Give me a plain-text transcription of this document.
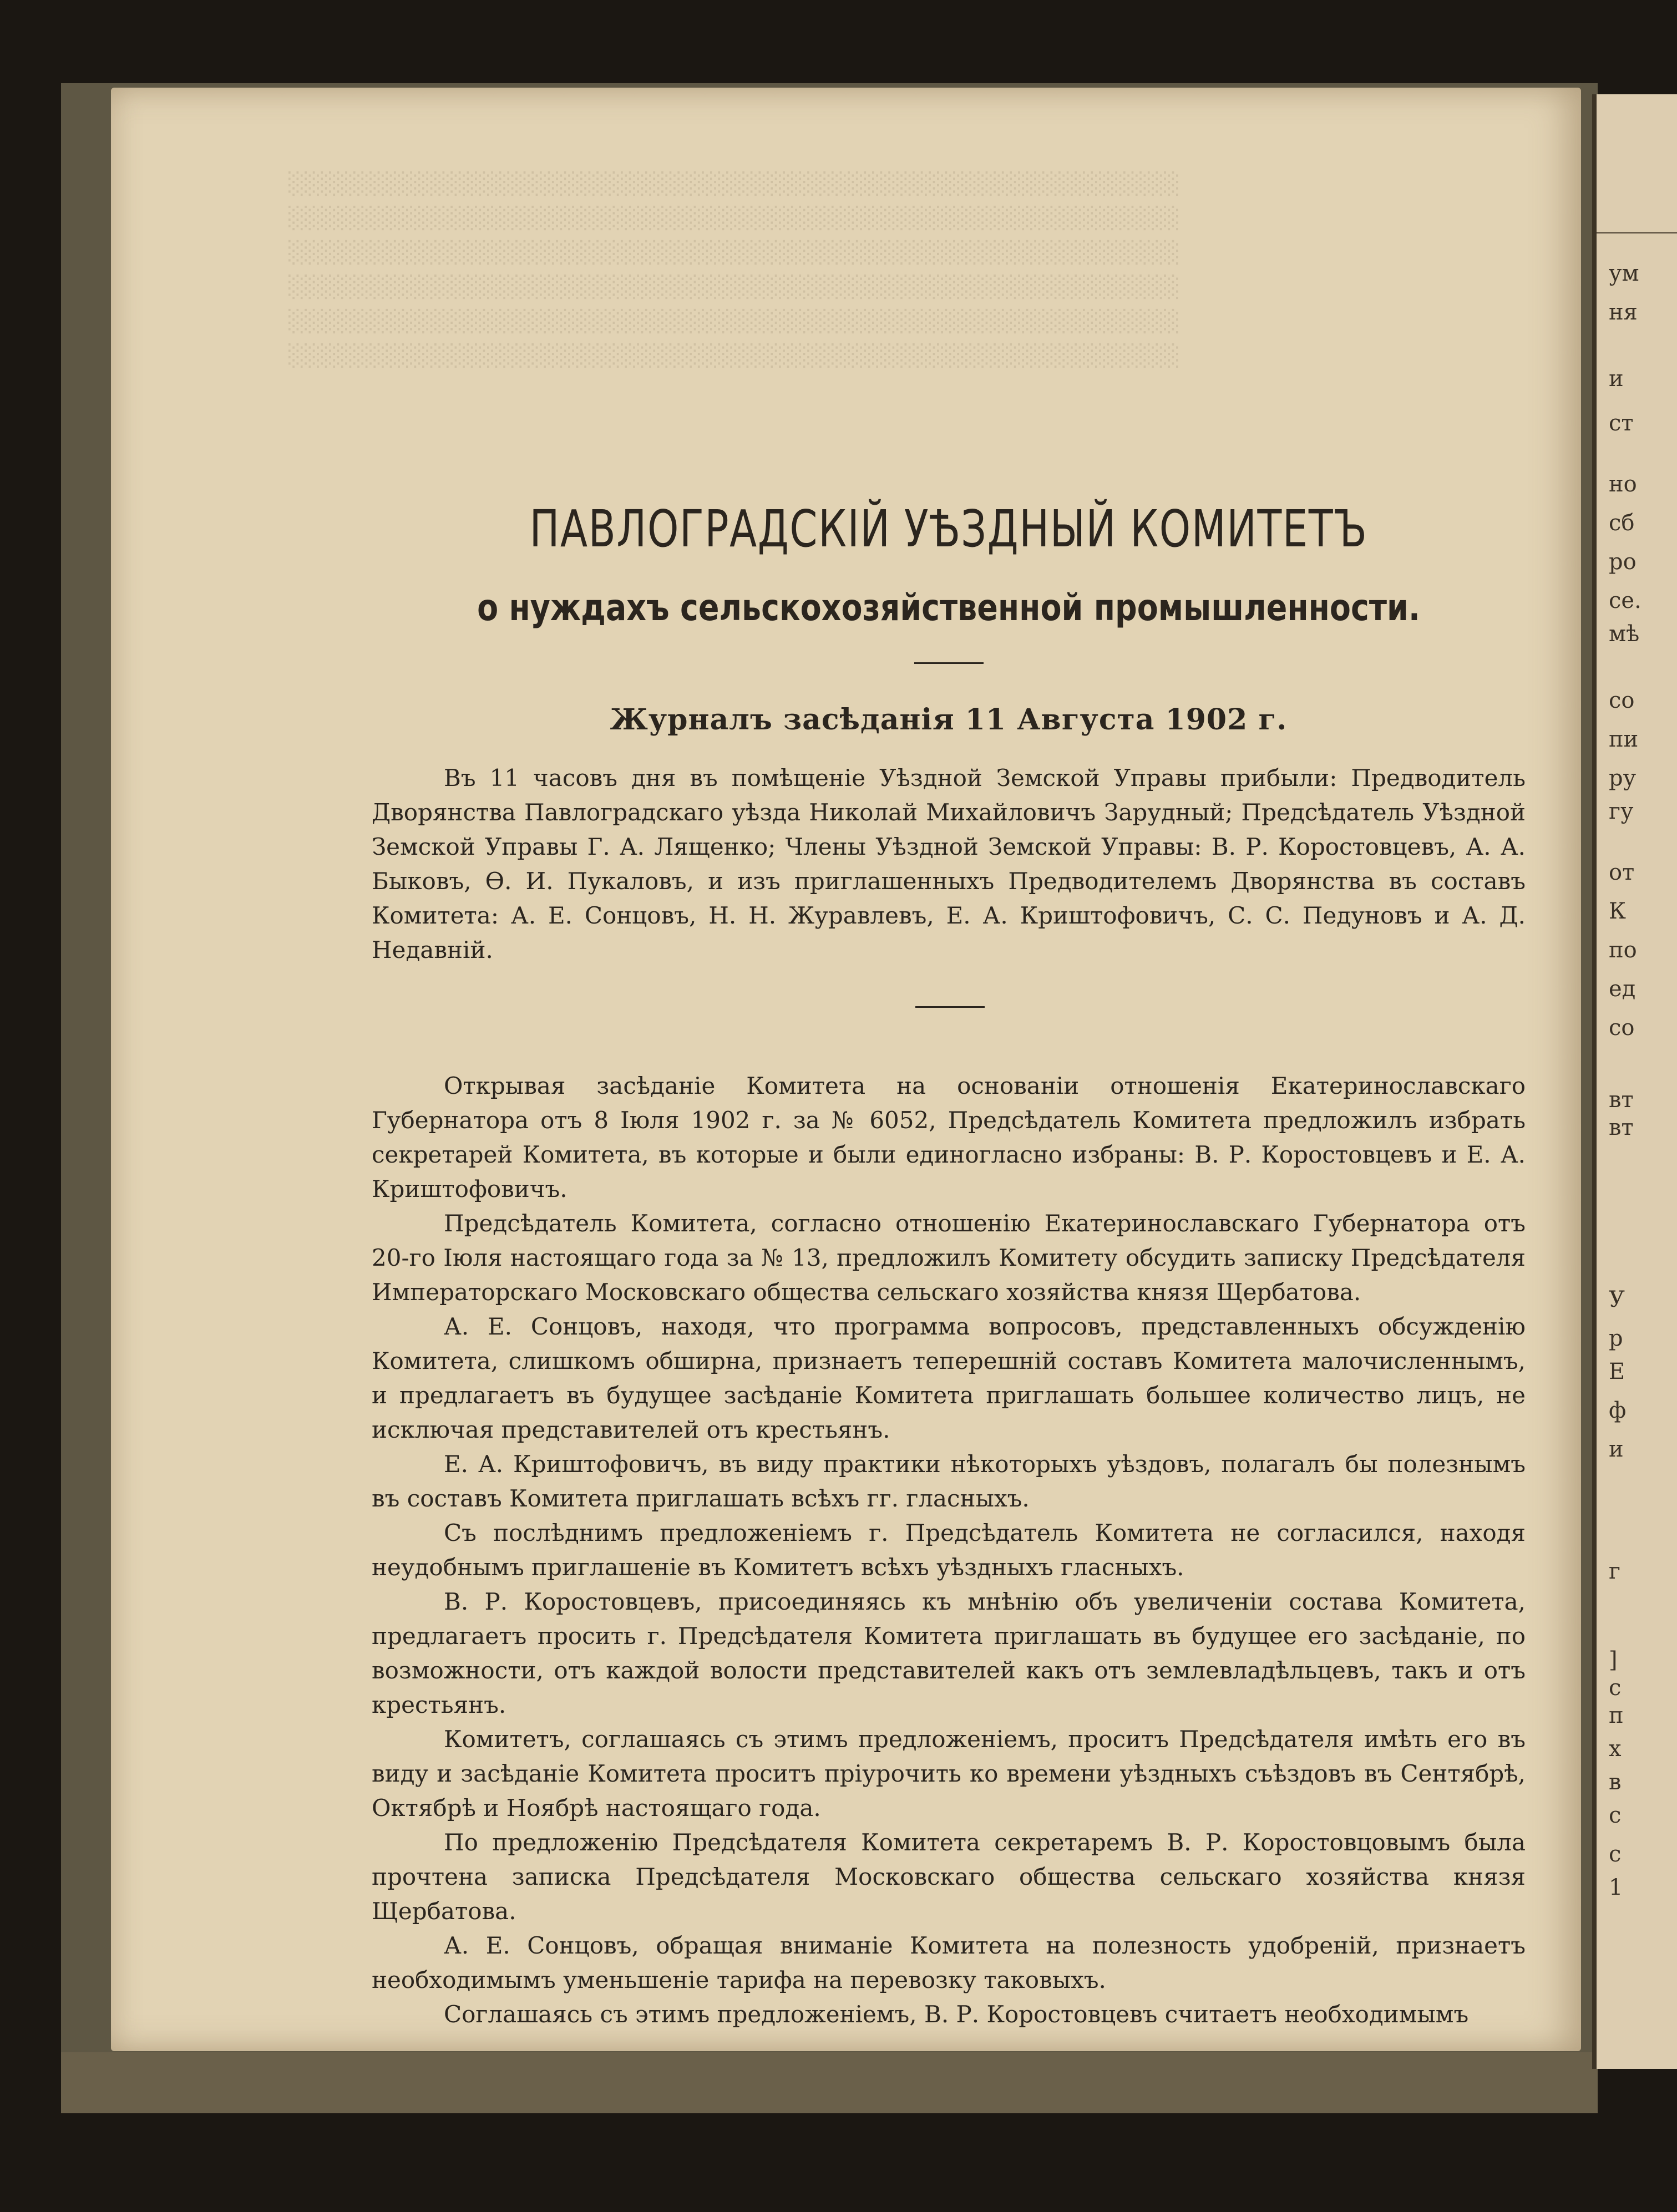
░░░░░░░░░░░░░░░░░░░░░░░░░░░░░░░░░░░░░░░░░░░░░░░░░░░░░░░
░░░░░░░░░░░░░░░░░░░░░░░░░░░░░░░░░░░░░░░░░░░░░░░░░░░░░░░
░░░░░░░░░░░░░░░░░░░░░░░░░░░░░░░░░░░░░░░░░░░░░░░░░░░░░░░
░░░░░░░░░░░░░░░░░░░░░░░░░░░░░░░░░░░░░░░░░░░░░░░░░░░░░░░
░░░░░░░░░░░░░░░░░░░░░░░░░░░░░░░░░░░░░░░░░░░░░░░░░░░░░░░
░░░░░░░░░░░░░░░░░░░░░░░░░░░░░░░░░░░░░░░░░░░░░░░░░░░░░░░
ум
ня
и
ст
но
сб
ро
се.
мѣ
со
пи
ру
гу
от
К
по
ед
со
вт
вт
У
р
Е
ф
и
г
]
с
п
х
в
с
с
1
ПАВЛОГРАДСКІЙ УѢЗДНЫЙ КОМИТЕТЪ
о нуждахъ сельскохозяйственной промышленности.
Журналъ засѣданія 11 Августа 1902 г.

Въ 11 часовъ дня въ помѣщеніе Уѣздной Земской Управы прибыли: Предводитель Дворянства Павлоградскаго уѣзда Николай Михайловичъ Зарудный; Предсѣдатель Уѣздной Земской Управы Г. А. Лященко; Члены Уѣздной Земской Управы: В. Р. Коростовцевъ, А. А. Быковъ, Ѳ. И. Пукаловъ, и изъ приглашенныхъ Предводителемъ Дворянства въ составъ Комитета: А. Е. Сонцовъ, Н. Н. Журавлевъ, Е. А. Криштофовичъ, С. С. Педуновъ и А. Д. Недавній.

Открывая засѣданіе Комитета на основаніи отношенія Екатеринославскаго Губернатора отъ 8 Іюля 1902 г. за № 6052, Предсѣдатель Комитета предложилъ избрать секретарей Комитета, въ которые и были единогласно избраны: В. Р. Коростовцевъ и Е. А. Криштофовичъ.

Предсѣдатель Комитета, согласно отношенію Екатеринославскаго Губернатора отъ 20-го Іюля настоящаго года за № 13, предложилъ Комитету обсудить записку Предсѣдателя Императорскаго Московскаго общества сельскаго хозяйства князя Щербатова.

А. Е. Сонцовъ, находя, что программа вопросовъ, представленныхъ обсужденію Комитета, слишкомъ обширна, признаетъ теперешній составъ Комитета малочисленнымъ, и предлагаетъ въ будущее засѣданіе Комитета приглашать большее количество лицъ, не исключая представителей отъ крестьянъ.

Е. А. Криштофовичъ, въ виду практики нѣкоторыхъ уѣздовъ, полагалъ бы полезнымъ въ составъ Комитета приглашать всѣхъ гг. гласныхъ.

Съ послѣднимъ предложеніемъ г. Предсѣдатель Комитета не согласился, находя неудобнымъ приглашеніе въ Комитетъ всѣхъ уѣздныхъ гласныхъ.

В. Р. Коростовцевъ, присоединяясь къ мнѣнію объ увеличеніи состава Комитета, предлагаетъ просить г. Предсѣдателя Комитета приглашать въ будущее его засѣданіе, по возможности, отъ каждой волости представителей какъ отъ землевладѣльцевъ, такъ и отъ крестьянъ.

Комитетъ, соглашаясь съ этимъ предложеніемъ, проситъ Предсѣдателя имѣть его въ виду и засѣданіе Комитета проситъ пріурочить ко времени уѣздныхъ съѣздовъ въ Сентябрѣ, Октябрѣ и Ноябрѣ настоящаго года.

По предложенію Предсѣдателя Комитета секретаремъ В. Р. Коростовцовымъ была прочтена записка Предсѣдателя Московскаго общества сельскаго хозяйства князя Щербатова.

А. Е. Сонцовъ, обращая вниманіе Комитета на полезность удобреній, признаетъ необходимымъ уменьшеніе тарифа на перевозку таковыхъ.

Соглашаясь съ этимъ предложеніемъ, В. Р. Коростовцевъ считаетъ необходимымъ
